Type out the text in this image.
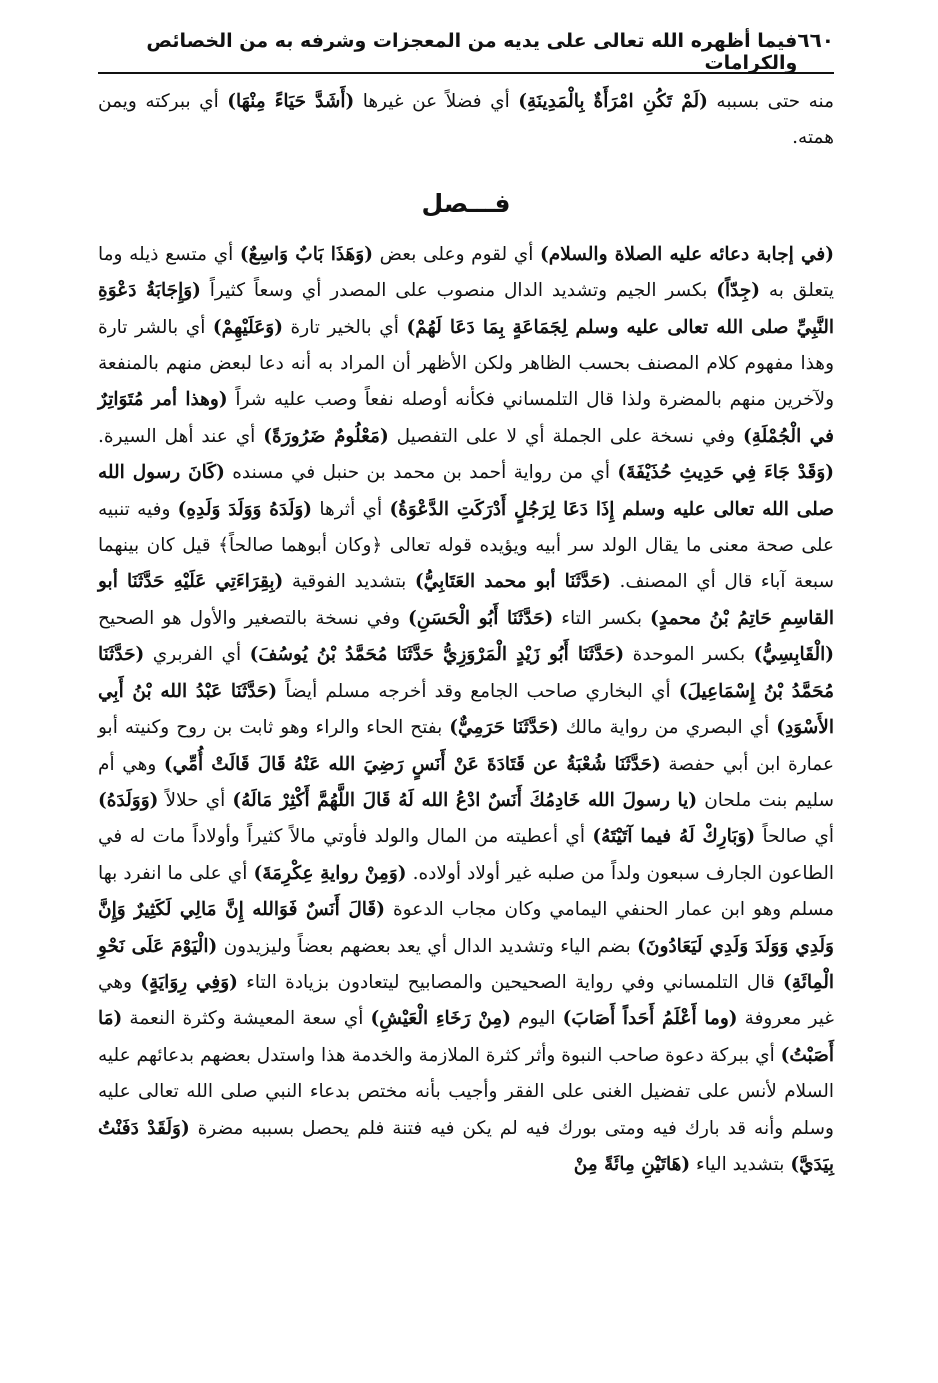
٦٦٠
فيما أظهره الله تعالى على يديه من المعجزات وشرفه به من الخصائص والكرامات

منه حتى بسببه (لَمْ تَكُنِ امْرَأَةٌ بِالْمَدِينَةِ) أي فضلاً عن غيرها (أَشَدَّ حَيَاءً مِنْهَا) أي ببركته ويمن همته.

فـــصل

(في إجابة دعائه عليه الصلاة والسلام) أي لقوم وعلى بعض (وَهَذَا بَابٌ وَاسِعٌ) أي متسع ذيله وما يتعلق به (جِدّاً) بكسر الجيم وتشديد الدال منصوب على المصدر أي وسعاً كثيراً (وَإِجَابَةُ دَعْوَةِ النَّبِيِّ صلى الله تعالى عليه وسلم لِجَمَاعَةٍ بِمَا دَعَا لَهُمْ) أي بالخير تارة (وَعَلَيْهِمْ) أي بالشر تارة وهذا مفهوم كلام المصنف بحسب الظاهر ولكن الأظهر أن المراد به أنه دعا لبعض منهم بالمنفعة ولآخرين منهم بالمضرة ولذا قال التلمساني فكأنه أوصله نفعاً وصب عليه شراً (وهذا أمر مُتَوَاتِرٌ في الْجُمْلَةِ) وفي نسخة على الجملة أي لا على التفصيل (مَعْلُومٌ ضَرُورَةً) أي عند أهل السيرة. (وَقَدْ جَاءَ فِي حَدِيثِ حُذَيْفَةَ) أي من رواية أحمد بن محمد بن حنبل في مسنده (كَانَ رسول الله صلى الله تعالى عليه وسلم إِذَا دَعَا لِرَجُلٍ أَدْرَكَتِ الدَّعْوَةُ) أي أثرها (وَلَدَهُ وَوَلَدَ وَلَدِهِ) وفيه تنبيه على صحة معنى ما يقال الولد سر أبيه ويؤيده قوله تعالى ﴿وكان أبوهما صالحاً﴾ قيل كان بينهما سبعة آباء قال أي المصنف. (حَدَّثَنَا أبو محمد العَتَابِيُّ) بتشديد الفوقية (بِقِرَاءَتِي عَلَيْهِ حَدَّثَنَا أبو القاسِمِ حَاتِمُ بْنُ محمدٍ) بكسر التاء (حَدَّثَنَا أَبُو الْحَسَنِ) وفي نسخة بالتصغير والأول هو الصحيح (الْقَابِسِيُّ) بكسر الموحدة (حَدَّثَنَا أَبُو زَيْدٍ الْمَرْوَزِيُّ حَدَّثَنَا مُحَمَّدُ بْنُ يُوسُفَ) أي الفربري (حَدَّثَنَا مُحَمَّدُ بْنُ إِسْمَاعِيلَ) أي البخاري صاحب الجامع وقد أخرجه مسلم أيضاً (حَدَّثَنَا عَبْدُ الله بْنُ أَبِي الأَسْوَدِ) أي البصري من رواية مالك (حَدَّثَنَا حَرَمِيٌّ) بفتح الحاء والراء وهو ثابت بن روح وكنيته أبو عمارة ابن أبي حفصة (حَدَّثَنَا شُعْبَةُ عن قَتَادَةَ عَنْ أَنَسٍ رَضِيَ الله عَنْهُ قَالَ قَالَتْ أُمِّي) وهي أم سليم بنت ملحان (يا رسولَ الله خَادِمُكَ أَنَسٌ ادْعُ الله لَهُ قَالَ اللَّهُمَّ أَكْثِرْ مَالَهُ) أي حلالاً (وَوَلَدَهُ) أي صالحاً (وَبَارِكْ لَهُ فيما آتَيْتَهُ) أي أعطيته من المال والولد فأوتي مالاً كثيراً وأولاداً مات له في الطاعون الجارف سبعون ولداً من صلبه غير أولاد أولاده. (وَمِنْ روايةِ عِكْرِمَةَ) أي على ما انفرد بها مسلم وهو ابن عمار الحنفي اليمامي وكان مجاب الدعوة (قَالَ أَنَسٌ فَوَالله إِنَّ مَالِي لَكَثِيرٌ وَإِنَّ وَلَدِي وَوَلَدَ وَلَدِي لَيَعَادُونَ) بضم الياء وتشديد الدال أي يعد بعضهم بعضاً وليزيدون (الْيَوْمَ عَلَى نَحْوِ الْمِائَةِ) قال التلمساني وفي رواية الصحيحين والمصابيح ليتعادون بزيادة التاء (وَفِي رِوَايَةٍ) وهي غير معروفة (وما أَعْلَمُ أَحَداً أَصَابَ) اليوم (مِنْ رَخَاءِ الْعَيْشِ) أي سعة المعيشة وكثرة النعمة (مَا أَصَبْتُ) أي ببركة دعوة صاحب النبوة وأثر كثرة الملازمة والخدمة هذا واستدل بعضهم بدعائهم عليه السلام لأنس على تفضيل الغنى على الفقر وأجيب بأنه مختص بدعاء النبي صلى الله تعالى عليه وسلم وأنه قد بارك فيه ومتى بورك فيه لم يكن فيه فتنة فلم يحصل بسببه مضرة (وَلَقَدْ دَفَنْتُ بِيَدَيَّ) بتشديد الياء (هَاتَيْنِ مِائَةً مِنْ
